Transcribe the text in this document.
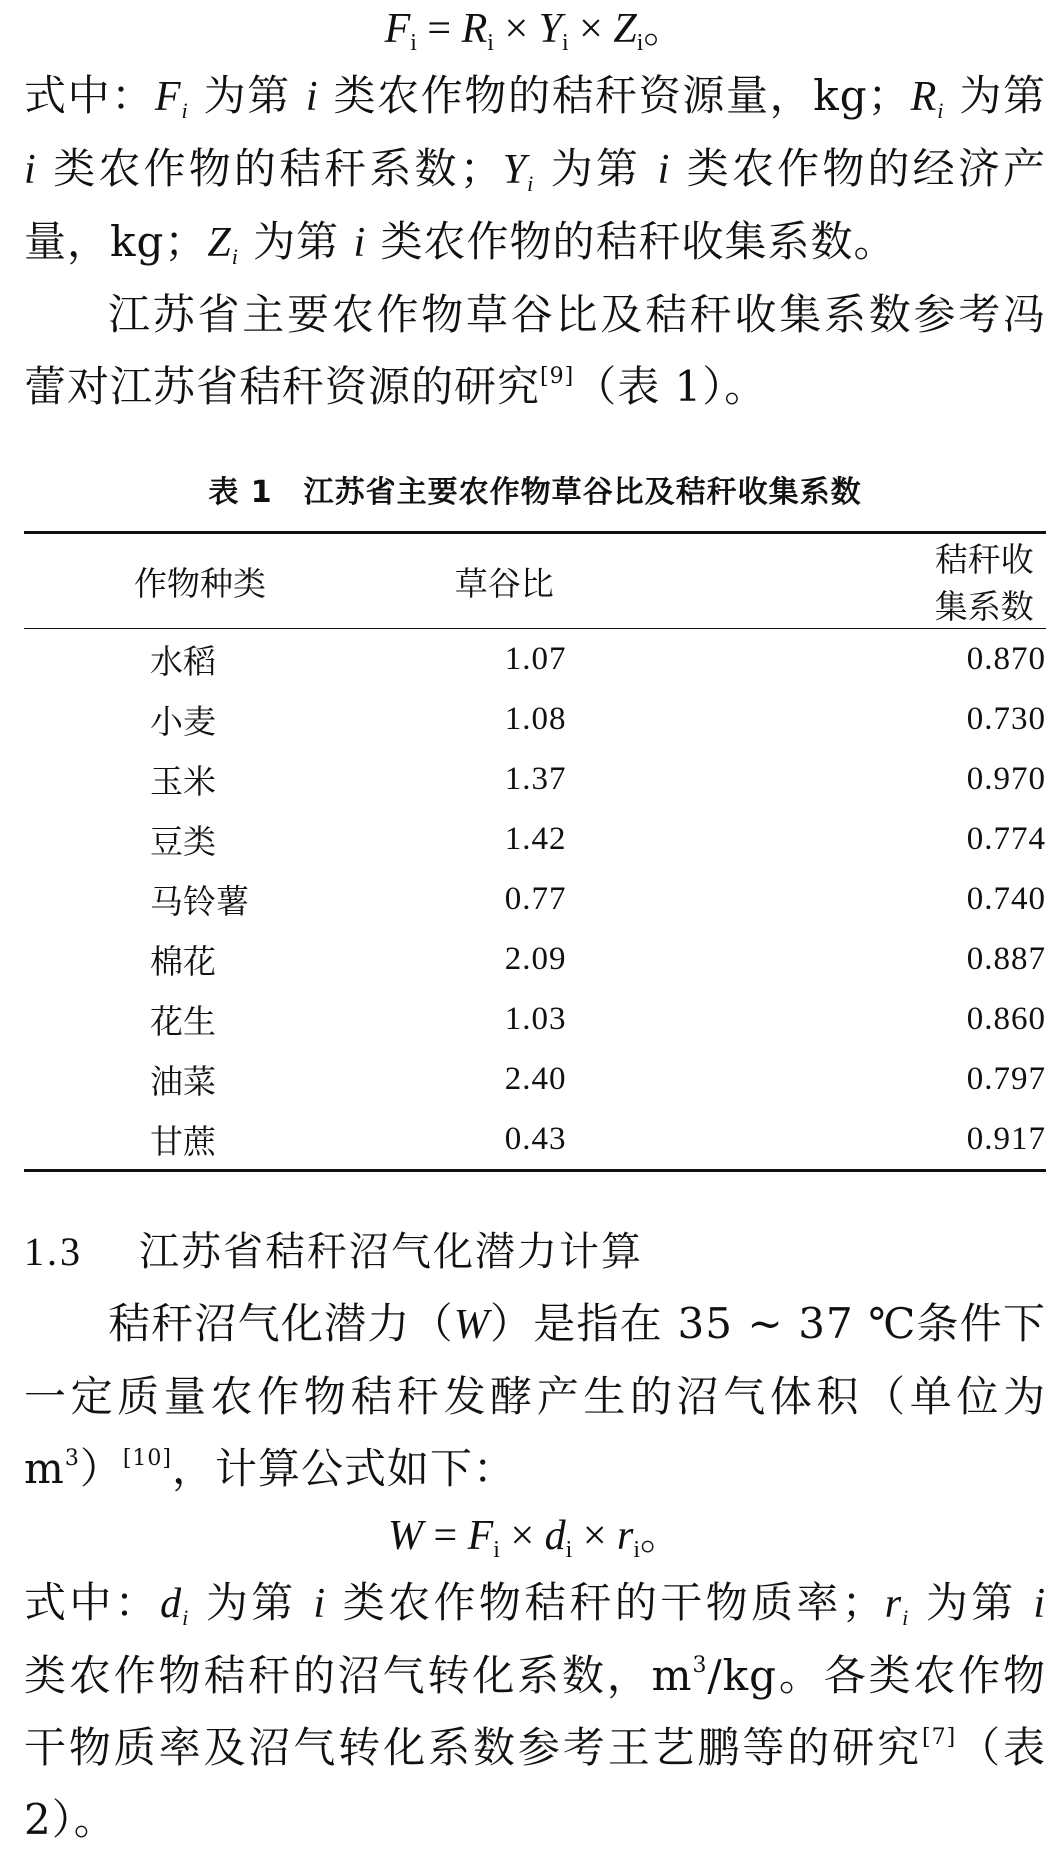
$F_i = R_i \times Y_i \times Z_i$。

式中：$F_i$ 为第 i 类农作物的秸秆资源量，kg；$R_i$ 为第 i 类农作物的秸秆系数；$Y_i$ 为第 i 类农作物的经济产量，kg；$Z_i$ 为第 i 类农作物的秸秆收集系数。

江苏省主要农作物草谷比及秸秆收集系数参考冯蕾对江苏省秸秆资源的研究[9]（表 1）。

表 1　江苏省主要农作物草谷比及秸秆收集系数
作物种类	草谷比	秸秆收集系数
水稻	1.07	0.870
小麦	1.08	0.730
玉米	1.37	0.970
豆类	1.42	0.774
马铃薯	0.77	0.740
棉花	2.09	0.887
花生	1.03	0.860
油菜	2.40	0.797
甘蔗	0.43	0.917
1.3 江苏省秸秆沼气化潜力计算

秸秆沼气化潜力（W）是指在 35 ~ 37 ℃条件下一定质量农作物秸秆发酵产生的沼气体积（单位为 $m^3)[10]$，计算公式如下：

$W = F_i \times d_i \times r_i$。

式中：$d_i$ 为第 i 类农作物秸秆的干物质率；$r_i$ 为第 i 类农作物秸秆的沼气转化系数，$m^3/kg$。各类农作物干物质率及沼气转化系数参考王艺鹏等的研究[7]（表 2）。
